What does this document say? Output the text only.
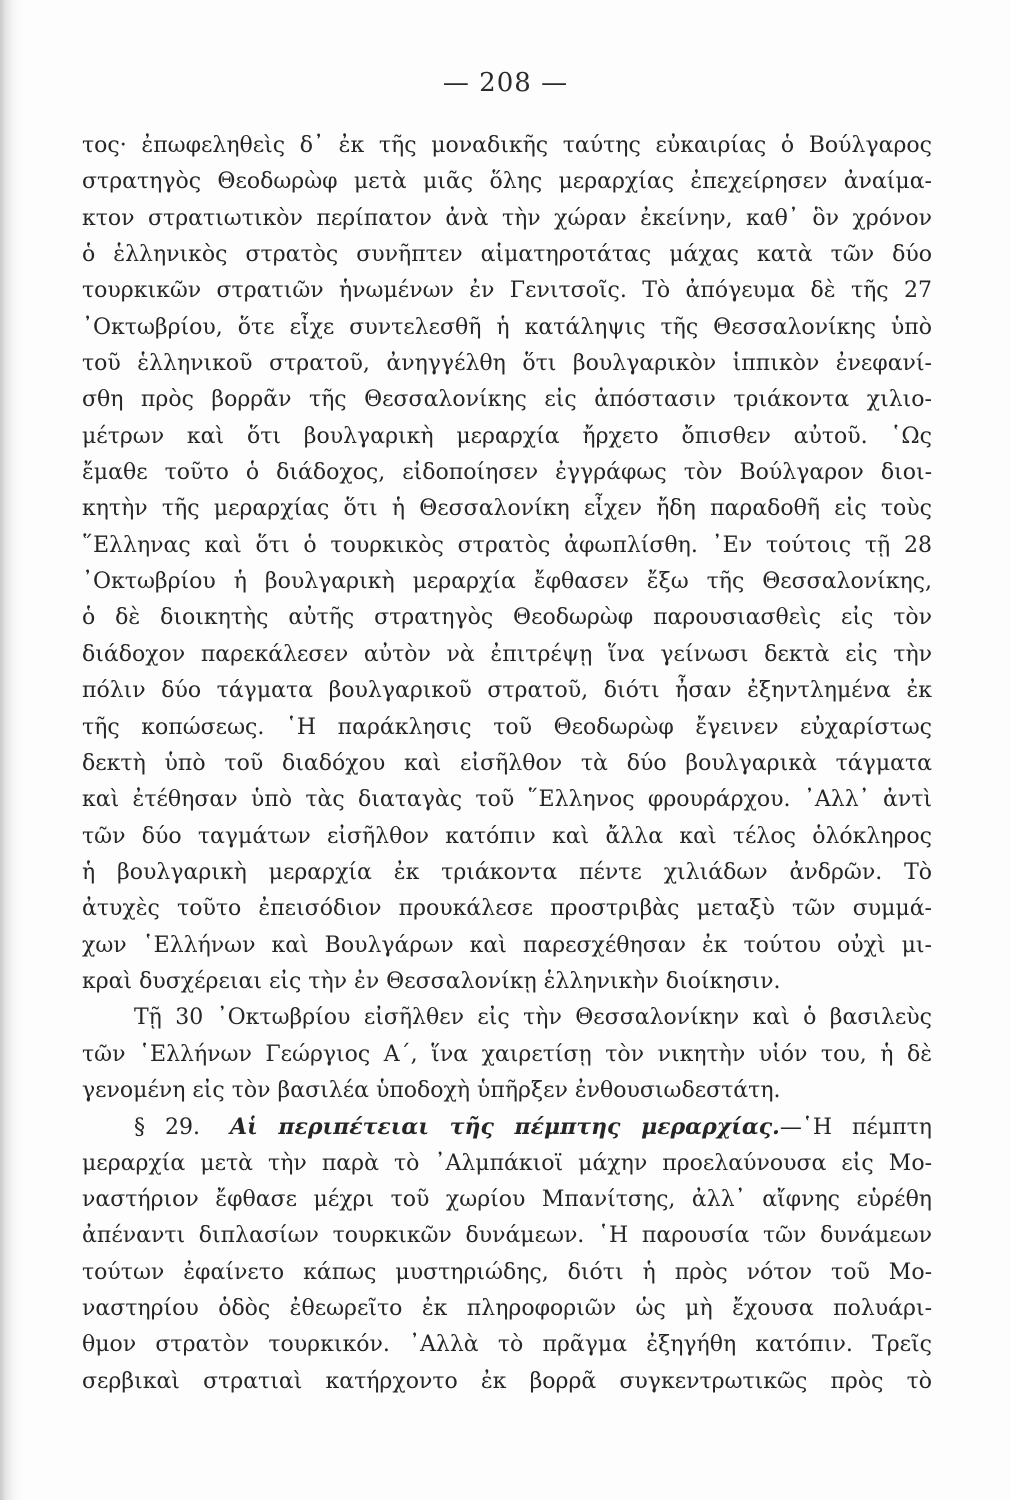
— 208 —
τος· ἐπωφεληθεὶς δ᾽ ἐκ τῆς μοναδικῆς ταύτης εὐκαιρίας ὁ Βούλγαρος
στρατηγὸς Θεοδωρὼφ μετὰ μιᾶς ὅλης μεραρχίας ἐπεχείρησεν ἀναίμα-
κτον στρατιωτικὸν περίπατον ἀνὰ τὴν χώραν ἐκείνην, καθ᾽ ὃν χρόνον
ὁ ἑλληνικὸς στρατὸς συνῆπτεν αἱματηροτάτας μάχας κατὰ τῶν δύο
τουρκικῶν στρατιῶν ἡνωμένων ἐν Γενιτσοῖς. Τὸ ἀπόγευμα δὲ τῆς 27
᾽Οκτωβρίου, ὅτε εἶχε συντελεσθῆ ἡ κατάληψις τῆς Θεσσαλονίκης ὑπὸ
τοῦ ἑλληνικοῦ στρατοῦ, ἀνηγγέλθη ὅτι βουλγαρικὸν ἱππικὸν ἐνεφανί-
σθη πρὸς βορρᾶν τῆς Θεσσαλονίκης εἰς ἀπόστασιν τριάκοντα χιλιο-
μέτρων καὶ ὅτι βουλγαρικὴ μεραρχία ἤρχετο ὄπισθεν αὐτοῦ. ῾Ως
ἔμαθε τοῦτο ὁ διάδοχος, εἰδοποίησεν ἐγγράφως τὸν Βούλγαρον διοι-
κητὴν τῆς μεραρχίας ὅτι ἡ Θεσσαλονίκη εἶχεν ἤδη παραδοθῆ εἰς τοὺς
῞Ελληνας καὶ ὅτι ὁ τουρκικὸς στρατὸς ἀφωπλίσθη. ᾽Εν τούτοις τῇ 28
᾽Οκτωβρίου ἡ βουλγαρικὴ μεραρχία ἔφθασεν ἔξω τῆς Θεσσαλονίκης,
ὁ δὲ διοικητὴς αὐτῆς στρατηγὸς Θεοδωρὼφ παρουσιασθεὶς εἰς τὸν
διάδοχον παρεκάλεσεν αὐτὸν νὰ ἐπιτρέψῃ ἵνα γείνωσι δεκτὰ εἰς τὴν
πόλιν δύο τάγματα βουλγαρικοῦ στρατοῦ, διότι ἦσαν ἐξηντλημένα ἐκ
τῆς κοπώσεως. ῾Η παράκλησις τοῦ Θεοδωρὼφ ἔγεινεν εὐχαρίστως
δεκτὴ ὑπὸ τοῦ διαδόχου καὶ εἰσῆλθον τὰ δύο βουλγαρικὰ τάγματα
καὶ ἐτέθησαν ὑπὸ τὰς διαταγὰς τοῦ ῞Ελληνος φρουράρχου. ᾽Αλλ᾽ ἀντὶ
τῶν δύο ταγμάτων εἰσῆλθον κατόπιν καὶ ἄλλα καὶ τέλος ὁλόκληρος
ἡ βουλγαρικὴ μεραρχία ἐκ τριάκοντα πέντε χιλιάδων ἀνδρῶν. Τὸ
ἀτυχὲς τοῦτο ἐπεισόδιον προυκάλεσε προστριβὰς μεταξὺ τῶν συμμά-
χων ῾Ελλήνων καὶ Βουλγάρων καὶ παρεσχέθησαν ἐκ τούτου οὐχὶ μι-
κραὶ δυσχέρειαι εἰς τὴν ἐν Θεσσαλονίκῃ ἑλληνικὴν διοίκησιν.
Τῇ 30 ᾽Οκτωβρίου εἰσῆλθεν εἰς τὴν Θεσσαλονίκην καὶ ὁ βασιλεὺς
τῶν ῾Ελλήνων Γεώργιος Α΄, ἵνα χαιρετίσῃ τὸν νικητὴν υἱόν του, ἡ δὲ
γενομένη εἰς τὸν βασιλέα ὑποδοχὴ ὑπῆρξεν ἐνθουσιωδεστάτη.
§ 29. Αἱ περιπέτειαι τῆς πέμπτης μεραρχίας.—῾Η πέμπτη
μεραρχία μετὰ τὴν παρὰ τὸ ᾽Αλμπάκιοϊ μάχην προελαύνουσα εἰς Μο-
ναστήριον ἔφθασε μέχρι τοῦ χωρίου Μπανίτσης, ἀλλ᾽ αἴφνης εὑρέθη
ἀπέναντι διπλασίων τουρκικῶν δυνάμεων. ῾Η παρουσία τῶν δυνάμεων
τούτων ἐφαίνετο κάπως μυστηριώδης, διότι ἡ πρὸς νότον τοῦ Μο-
ναστηρίου ὁδὸς ἐθεωρεῖτο ἐκ πληροφοριῶν ὡς μὴ ἔχουσα πολυάρι-
θμον στρατὸν τουρκικόν. ᾽Αλλὰ τὸ πρᾶγμα ἐξηγήθη κατόπιν. Τρεῖς
σερβικαὶ στρατιαὶ κατήρχοντο ἐκ βορρᾶ συγκεντρωτικῶς πρὸς τὸ
